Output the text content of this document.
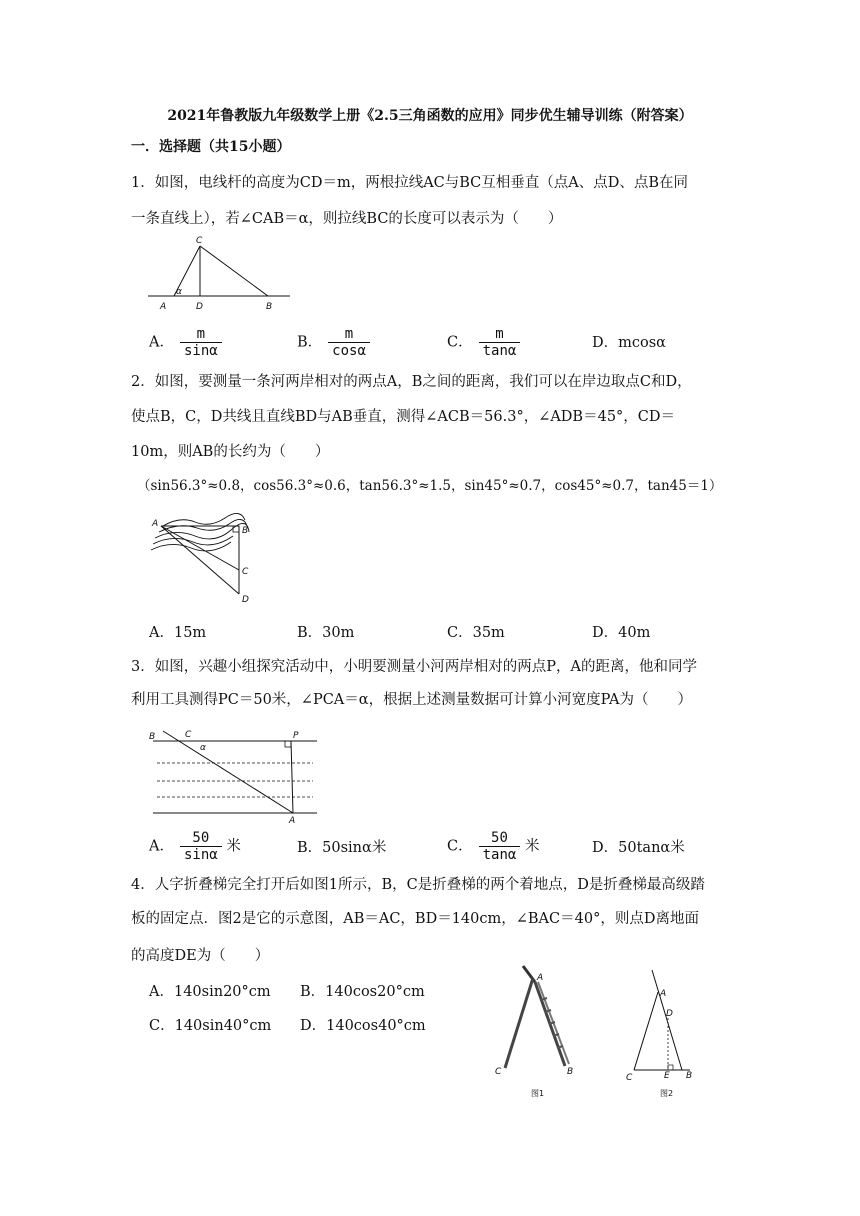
2021年鲁教版九年级数学上册《2.5三角函数的应用》同步优生辅导训练（附答案）
一．选择题（共15小题）
1．如图，电线杆的高度为CD＝m，两根拉线AC与BC互相垂直（点A、点D、点B在同
一条直线上），若∠CAB＝α，则拉线BC的长度可以表示为（　　）
C
α
A	D	B
A． $\frac{m}{\sin\alpha}$	B． $\frac{m}{\cos\alpha}$	C． $\frac{m}{\tan\alpha}$	D．mcosα
2．如图，要测量一条河两岸相对的两点A，B之间的距离，我们可以在岸边取点C和D，
使点B，C，D共线且直线BD与AB垂直，测得∠ACB＝56.3°，∠ADB＝45°，CD＝
10m，则AB的长约为（　　）
（sin56.3°≈0.8，cos56.3°≈0.6，tan56.3°≈1.5，sin45°≈0.7，cos45°≈0.7，tan45＝1）
A
B
C
D
A．15m	B．30m	C．35m	D．40m
3．如图，兴趣小组探究活动中，小明要测量小河两岸相对的两点P，A的距离，他和同学
利用工具测得PC＝50米，∠PCA＝α，根据上述测量数据可计算小河宽度PA为（　　）
B	C
α
P
A
A． $\frac{50}{\sin\alpha}$ 米	B．50sinα米	C． $\frac{50}{\tan\alpha}$ 米	D．50tanα米
4．人字折叠梯完全打开后如图1所示，B，C是折叠梯的两个着地点，D是折叠梯最高级踏
板的固定点．图2是它的示意图，AB＝AC，BD＝140cm，∠BAC＝40°，则点D离地面
的高度DE为（　　）
A．140sin20°cm B．140cos20°cm
C．140sin40°cm D．140cos40°cm
A
C	B
图1
A
D
C	E B
图2
